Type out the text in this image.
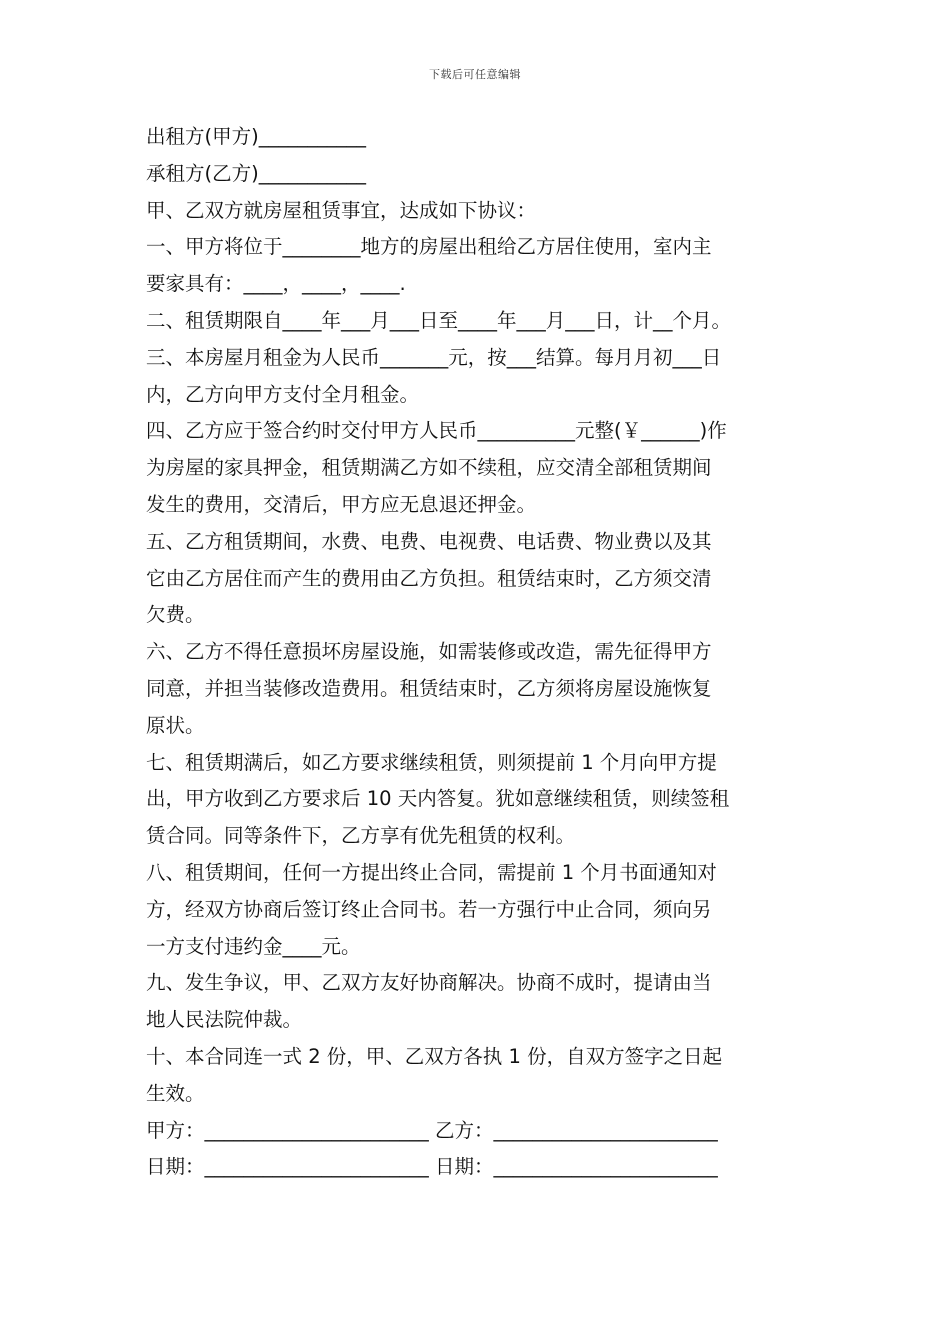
下载后可任意编辑
出租方(甲方)___________
承租方(乙方)___________
甲、乙双方就房屋租赁事宜，达成如下协议：
一、甲方将位于________地方的房屋出租给乙方居住使用，室内主
要家具有：____，____，____.
二、租赁期限自____年___月___日至____年___月___日，计__个月。
三、本房屋月租金为人民币_______元，按___结算。每月月初___日
内，乙方向甲方支付全月租金。
四、乙方应于签合约时交付甲方人民币__________元整(￥______)作
为房屋的家具押金，租赁期满乙方如不续租，应交清全部租赁期间
发生的费用，交清后，甲方应无息退还押金。
五、乙方租赁期间，水费、电费、电视费、电话费、物业费以及其
它由乙方居住而产生的费用由乙方负担。租赁结束时，乙方须交清
欠费。
六、乙方不得任意损坏房屋设施，如需装修或改造，需先征得甲方
同意，并担当装修改造费用。租赁结束时，乙方须将房屋设施恢复
原状。
七、租赁期满后，如乙方要求继续租赁，则须提前 1 个月向甲方提
出，甲方收到乙方要求后 10 天内答复。犹如意继续租赁，则续签租
赁合同。同等条件下，乙方享有优先租赁的权利。
八、租赁期间，任何一方提出终止合同，需提前 1 个月书面通知对
方，经双方协商后签订终止合同书。若一方强行中止合同，须向另
一方支付违约金____元。
九、发生争议，甲、乙双方友好协商解决。协商不成时，提请由当
地人民法院仲裁。
十、本合同连一式 2 份，甲、乙双方各执 1 份，自双方签字之日起
生效。
甲方：_______________________ 乙方：_______________________
日期：_______________________ 日期：_______________________
